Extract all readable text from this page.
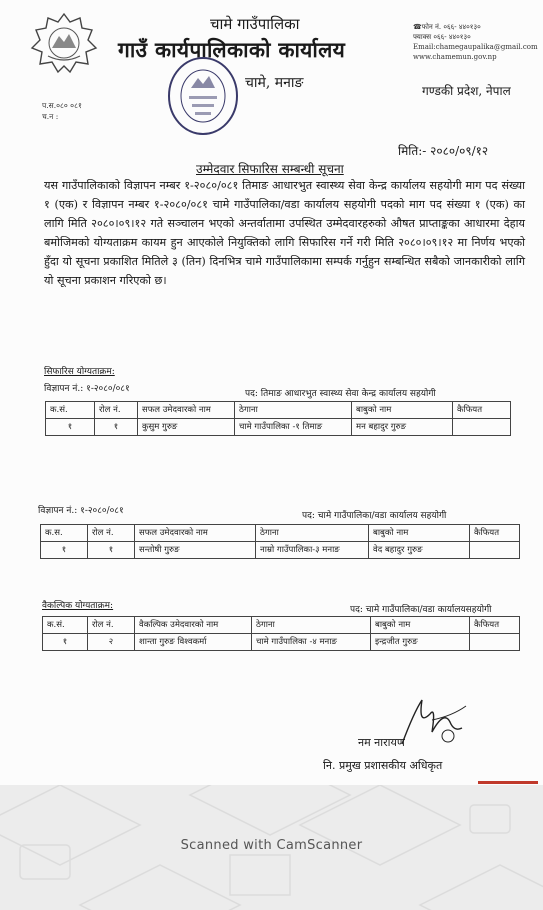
चामे गाउँपालिका
गाउँ कार्यपालिकाको कार्यालय
चामे, मनाङ
☎फोन नं. ०६६- ४४०१३०
फ्याक्स ०६६- ४४०१३०
Email:chamegaupalika@gmail.com
www.chamemun.gov.np
गण्डकी प्रदेश, नेपाल
प.स.०८० ०८१
च.न :
मिति:- २०८०/०९/१२
उम्मेदवार सिफारिस सम्बन्धी सूचना

यस गाउँपालिकाको विज्ञापन नम्बर १-२०८०/०८१ तिमाङ आधारभुत स्वास्थ्य सेवा केन्द्र कार्यालय सहयोगी माग पद संख्या १ (एक) र विज्ञापन नम्बर १-२०८०/०८१ चामे गाउँपालिका/वडा कार्यालय सहयोगी पदको माग पद संख्या १ (एक) का लागि मिति २०८०।०९।१२ गते सञ्चालन भएको अन्तर्वातामा उपस्थित उम्मेदवारहरुको औषत प्राप्ताङ्कका आधारमा देहाय बमोजिमको योग्यताक्रम कायम हुन आएकोले नियुक्तिको लागि सिफारिस गर्ने गरी मिति २०८०।०९।१२ मा निर्णय भएको हुँदा यो सूचना प्रकाशित मितिले ३ (तिन) दिनभित्र चामे गाउँपालिकामा सम्पर्क गर्नुहुन सम्बन्धित सबैको जानकारीको लागि यो सूचना प्रकाशन गरिएको छ।

सिफारिस योग्यताक्रम:
विज्ञापन नं.: १-२०८०/०८१	पद: तिमाङ आधारभुत स्वास्थ्य सेवा केन्द्र कार्यालय सहयोगी
क.सं.	रोल नं.	सफल उमेदवारको नाम	ठेगाना	बाबुको नाम	कैफियत
१	१	कुसुम गुरुङ	चामे गाउँपालिका -१ तिमाङ	मन बहादुर गुरुङ	
विज्ञापन नं.: १-२०८०/०८१	पद: चामे गाउँपालिका/वडा कार्यालय सहयोगी
क.स.	रोल नं.	सफल उमेदवारको नाम	ठेगाना	बाबुको नाम	कैफियत
१	१	सन्तोषी गुरुङ	नाम्रो गाउँपालिका-३ मनाङ	वेद बहादुर गुरुङ	
वैकल्पिक योग्यताक्रम:	पद: चामे गाउँपालिका/वडा कार्यालयसहयोगी
क.सं.	रोल नं.	वैकल्पिक उमेदवारको नाम	ठेगाना	बाबुको नाम	कैफियत
१	२	शान्ता गुरुङ विश्वकर्मा	चामे गाउँपालिका -४ मनाङ	इन्द्रजीत गुरुङ	
नम नारायण
नि. प्रमुख प्रशासकीय अधिकृत
Scanned with CamScanner
